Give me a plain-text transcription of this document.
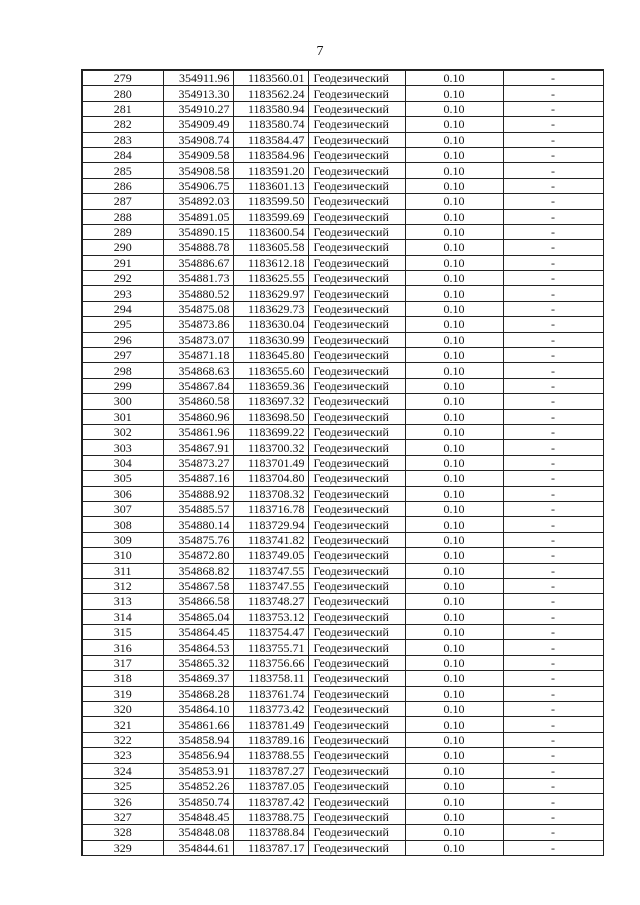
7
279	354911.96	1183560.01	Геодезический	0.10	-
280	354913.30	1183562.24	Геодезический	0.10	-
281	354910.27	1183580.94	Геодезический	0.10	-
282	354909.49	1183580.74	Геодезический	0.10	-
283	354908.74	1183584.47	Геодезический	0.10	-
284	354909.58	1183584.96	Геодезический	0.10	-
285	354908.58	1183591.20	Геодезический	0.10	-
286	354906.75	1183601.13	Геодезический	0.10	-
287	354892.03	1183599.50	Геодезический	0.10	-
288	354891.05	1183599.69	Геодезический	0.10	-
289	354890.15	1183600.54	Геодезический	0.10	-
290	354888.78	1183605.58	Геодезический	0.10	-
291	354886.67	1183612.18	Геодезический	0.10	-
292	354881.73	1183625.55	Геодезический	0.10	-
293	354880.52	1183629.97	Геодезический	0.10	-
294	354875.08	1183629.73	Геодезический	0.10	-
295	354873.86	1183630.04	Геодезический	0.10	-
296	354873.07	1183630.99	Геодезический	0.10	-
297	354871.18	1183645.80	Геодезический	0.10	-
298	354868.63	1183655.60	Геодезический	0.10	-
299	354867.84	1183659.36	Геодезический	0.10	-
300	354860.58	1183697.32	Геодезический	0.10	-
301	354860.96	1183698.50	Геодезический	0.10	-
302	354861.96	1183699.22	Геодезический	0.10	-
303	354867.91	1183700.32	Геодезический	0.10	-
304	354873.27	1183701.49	Геодезический	0.10	-
305	354887.16	1183704.80	Геодезический	0.10	-
306	354888.92	1183708.32	Геодезический	0.10	-
307	354885.57	1183716.78	Геодезический	0.10	-
308	354880.14	1183729.94	Геодезический	0.10	-
309	354875.76	1183741.82	Геодезический	0.10	-
310	354872.80	1183749.05	Геодезический	0.10	-
311	354868.82	1183747.55	Геодезический	0.10	-
312	354867.58	1183747.55	Геодезический	0.10	-
313	354866.58	1183748.27	Геодезический	0.10	-
314	354865.04	1183753.12	Геодезический	0.10	-
315	354864.45	1183754.47	Геодезический	0.10	-
316	354864.53	1183755.71	Геодезический	0.10	-
317	354865.32	1183756.66	Геодезический	0.10	-
318	354869.37	1183758.11	Геодезический	0.10	-
319	354868.28	1183761.74	Геодезический	0.10	-
320	354864.10	1183773.42	Геодезический	0.10	-
321	354861.66	1183781.49	Геодезический	0.10	-
322	354858.94	1183789.16	Геодезический	0.10	-
323	354856.94	1183788.55	Геодезический	0.10	-
324	354853.91	1183787.27	Геодезический	0.10	-
325	354852.26	1183787.05	Геодезический	0.10	-
326	354850.74	1183787.42	Геодезический	0.10	-
327	354848.45	1183788.75	Геодезический	0.10	-
328	354848.08	1183788.84	Геодезический	0.10	-
329	354844.61	1183787.17	Геодезический	0.10	-
